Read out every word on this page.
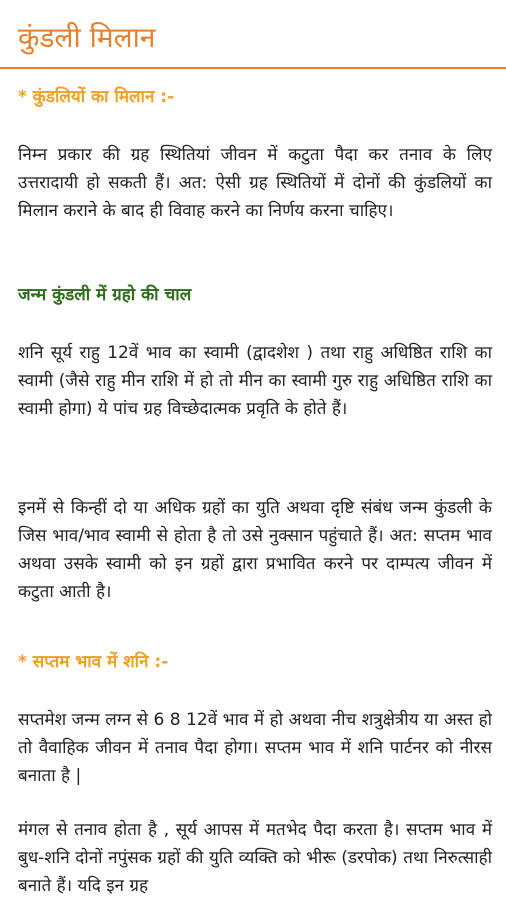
कुंडली मिलान
* कुंडलियों का मिलान :-

निम्न प्रकार की ग्रह स्थितियां जीवन में कटुता पैदा कर तनाव के लिए उत्तरादायी हो सकती हैं। अत: ऐसी ग्रह स्थितियों में दोनों की कुंडलियों का मिलान कराने के बाद ही विवाह करने का निर्णय करना चाहिए।

जन्म कुंडली में ग्रहो की चाल

शनि सूर्य राहु 12वें भाव का स्वामी (द्वादशेश ) तथा राहु अधिष्ठित राशि का स्वामी (जैसे राहु मीन राशि में हो तो मीन का स्वामी गुरु राहु अधिष्ठित राशि का स्वामी होगा) ये पांच ग्रह विच्छेदात्मक प्रवृति के होते हैं।

इनमें से किन्हीं दो या अधिक ग्रहों का युति अथवा दृष्टि संबंध जन्म कुंडली के जिस भाव/भाव स्वामी से होता है तो उसे नुक्सान पहुंचाते हैं। अत: सप्तम भाव अथवा उसके स्वामी को इन ग्रहों द्वारा प्रभावित करने पर दाम्पत्य जीवन में कटुता आती है।

* सप्तम भाव में शनि :-

सप्तमेश जन्म लग्न से 6 8 12वें भाव में हो अथवा नीच शत्रुक्षेत्रीय या अस्त हो तो वैवाहिक जीवन में तनाव पैदा होगा। सप्तम भाव में शनि पार्टनर को नीरस बनाता है |

मंगल से तनाव होता है , सूर्य आपस में मतभेद पैदा करता है। सप्तम भाव में बुध-शनि दोनों नपुंसक ग्रहों की युति व्यक्ति को भीरू (डरपोक) तथा निरुत्साही बनाते हैं। यदि इन ग्रह
